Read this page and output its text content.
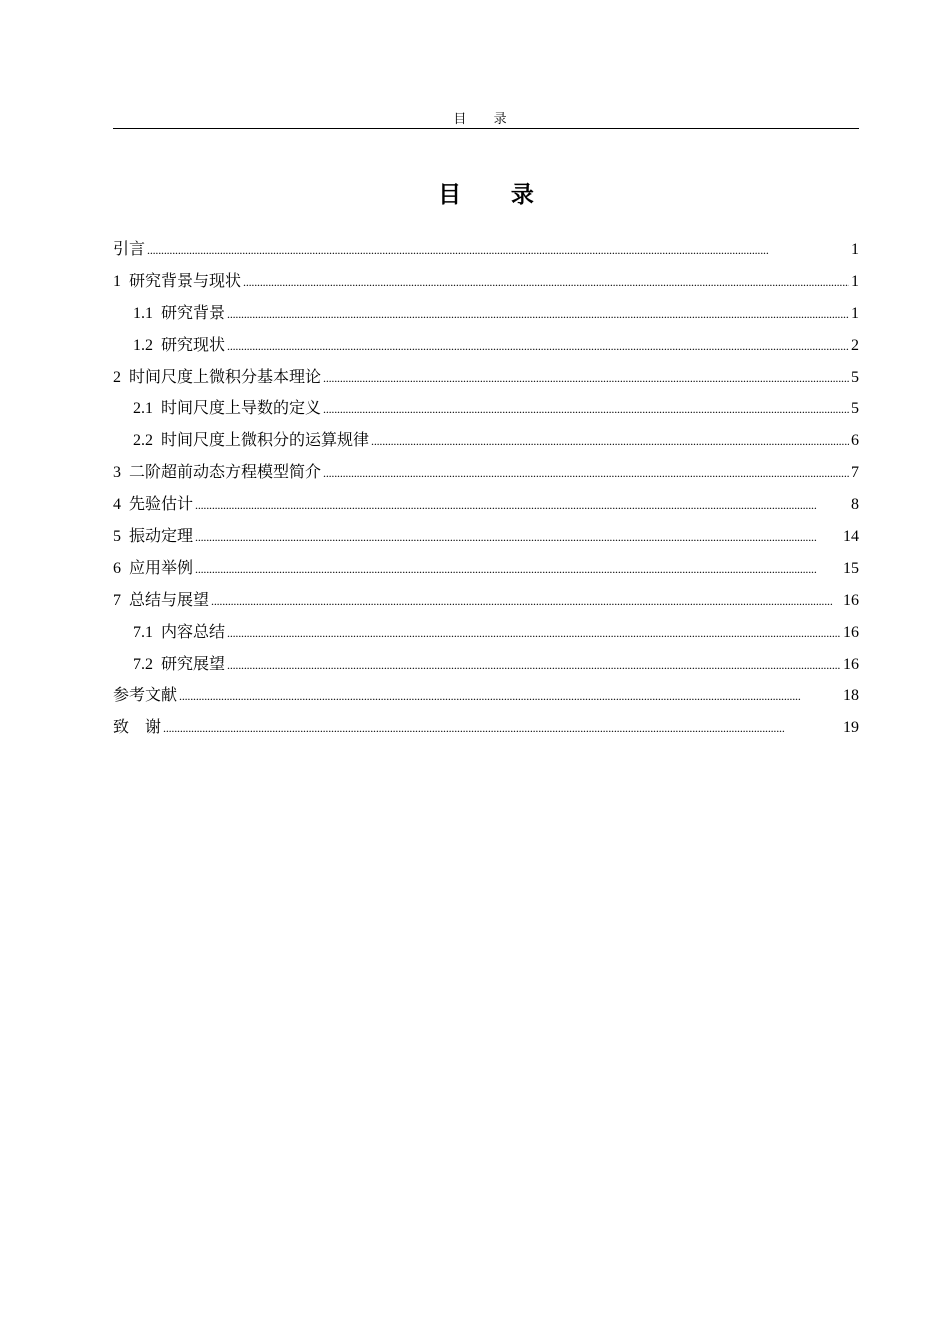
目 录
目 录
引言 . . .	1
1 研究背景与现状 . . .	1
1.1 研究背景 . . .	1
1.2 研究现状 . . .	2
2 时间尺度上微积分基本理论 . . .	5
2.1 时间尺度上导数的定义 . . .	5
2.2 时间尺度上微积分的运算规律 . . .	6
3 二阶超前动态方程模型简介 . . .	7
4 先验估计 . . .	8
5 振动定理 . . .	14
6 应用举例 . . .	15
7 总结与展望 . . .	16
7.1 内容总结 . . .	16
7.2 研究展望 . . .	16
参考文献 . . .	18
致　谢 . . .	19
